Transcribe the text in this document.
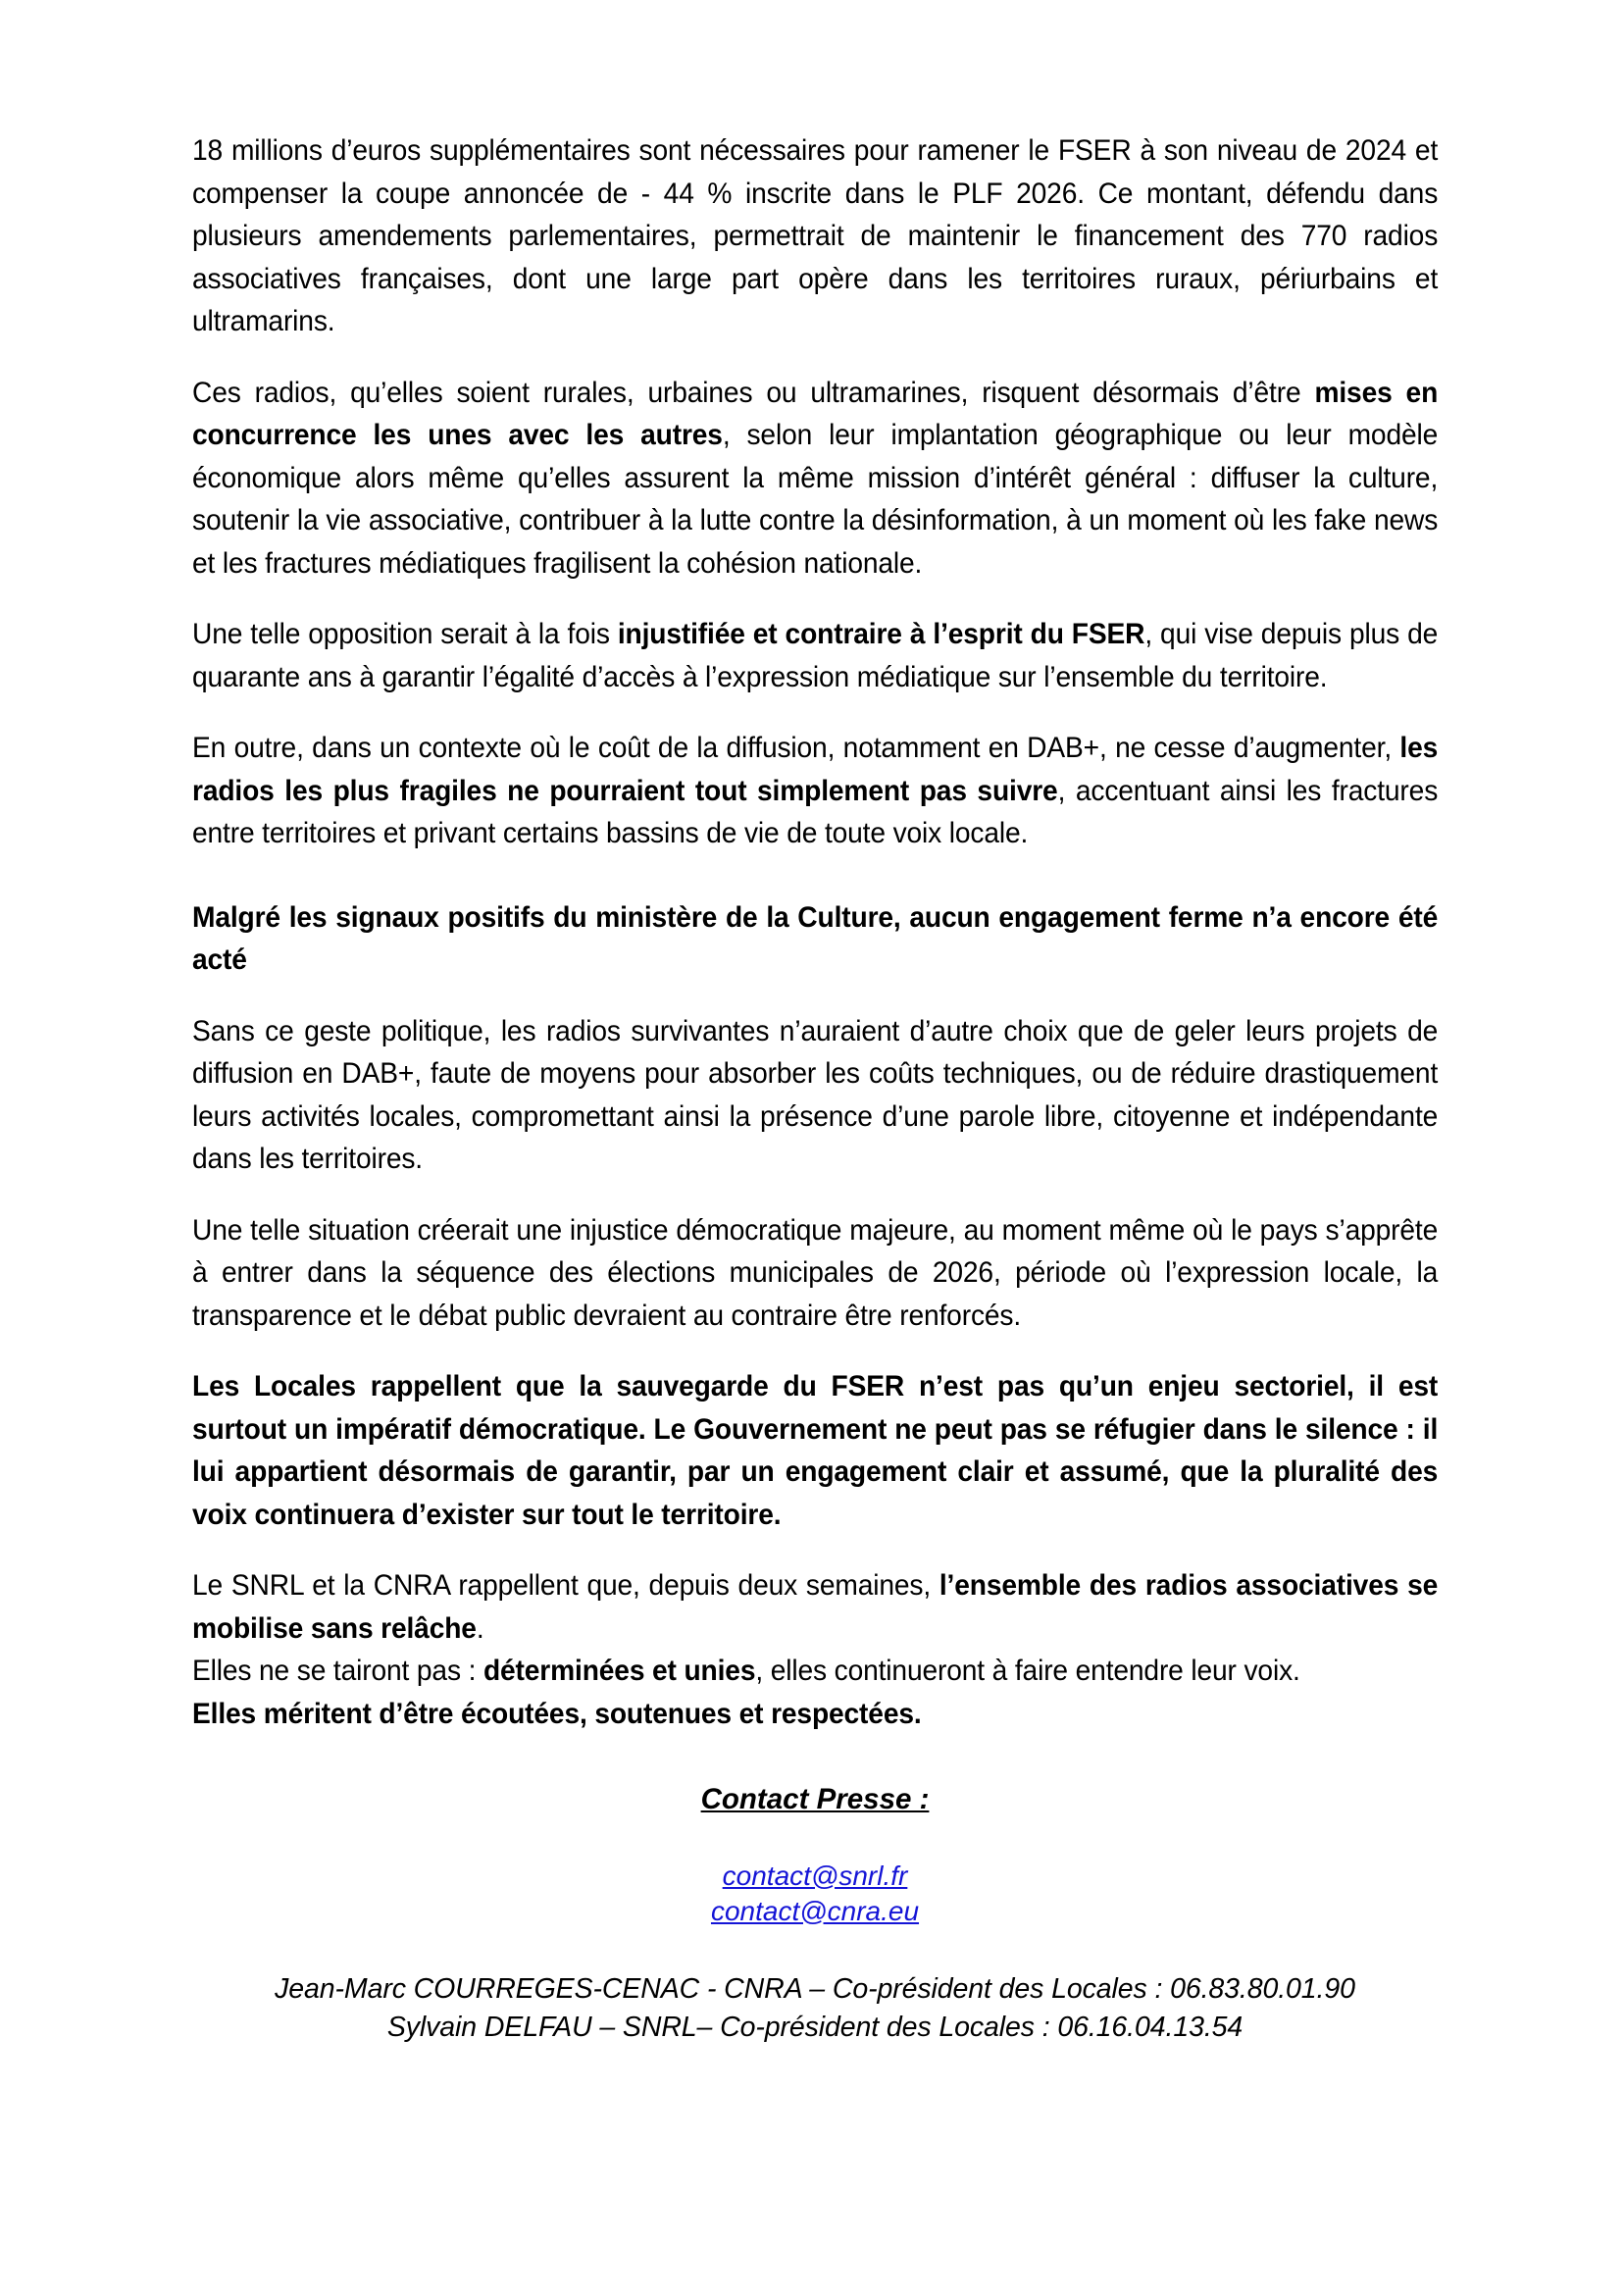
18 millions d’euros supplémentaires sont nécessaires pour ramener le FSER à son niveau de 2024 et compenser la coupe annoncée de - 44 % inscrite dans le PLF 2026. Ce montant, défendu dans plusieurs amendements parlementaires, permettrait de maintenir le financement des 770 radios associatives françaises, dont une large part opère dans les territoires ruraux, périurbains et ultramarins.

Ces radios, qu’elles soient rurales, urbaines ou ultramarines, risquent désormais d’être mises en concurrence les unes avec les autres, selon leur implantation géographique ou leur modèle économique alors même qu’elles assurent la même mission d’intérêt général : diffuser la culture, soutenir la vie associative, contribuer à la lutte contre la désinformation, à un moment où les fake news et les fractures médiatiques fragilisent la cohésion nationale.

Une telle opposition serait à la fois injustifiée et contraire à l’esprit du FSER, qui vise depuis plus de quarante ans à garantir l’égalité d’accès à l’expression médiatique sur l’ensemble du territoire.

En outre, dans un contexte où le coût de la diffusion, notamment en DAB+, ne cesse d’augmenter, les radios les plus fragiles ne pourraient tout simplement pas suivre, accentuant ainsi les fractures entre territoires et privant certains bassins de vie de toute voix locale.

Malgré les signaux positifs du ministère de la Culture, aucun engagement ferme n’a encore été acté

Sans ce geste politique, les radios survivantes n’auraient d’autre choix que de geler leurs projets de diffusion en DAB+, faute de moyens pour absorber les coûts techniques, ou de réduire drastiquement leurs activités locales, compromettant ainsi la présence d’une parole libre, citoyenne et indépendante dans les territoires.

Une telle situation créerait une injustice démocratique majeure, au moment même où le pays s’apprête à entrer dans la séquence des élections municipales de 2026, période où l’expression locale, la transparence et le débat public devraient au contraire être renforcés.

Les Locales rappellent que la sauvegarde du FSER n’est pas qu’un enjeu sectoriel, il est surtout un impératif démocratique. Le Gouvernement ne peut pas se réfugier dans le silence : il lui appartient désormais de garantir, par un engagement clair et assumé, que la pluralité des voix continuera d’exister sur tout le territoire.

Le SNRL et la CNRA rappellent que, depuis deux semaines, l’ensemble des radios associatives se mobilise sans relâche.

Elles ne se tairont pas : déterminées et unies, elles continueront à faire entendre leur voix.

Elles méritent d’être écoutées, soutenues et respectées.

Contact Presse :
contact@snrl.fr
contact@cnra.eu
Jean-Marc COURREGES-CENAC - CNRA – Co-président des Locales : 06.83.80.01.90
Sylvain DELFAU – SNRL– Co-président des Locales : 06.16.04.13.54
